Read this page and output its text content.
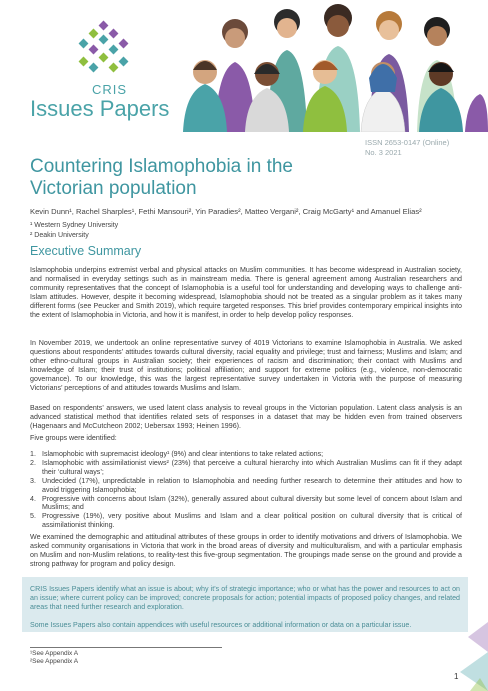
CRIS
Issues Papers
ISSN 2653-0147 (Online)
No. 3 2021
Countering Islamophobia in the Victorian population
Kevin Dunn¹, Rachel Sharples¹, Fethi Mansouri², Yin Paradies², Matteo Vergani², Craig McGarty¹ and Amanuel Elias²
¹ Western Sydney University
² Deakin University
Executive Summary

Islamophobia underpins extremist verbal and physical attacks on Muslim communities. It has become widespread in Australian society, and normalised in everyday settings such as in mainstream media. There is general agreement among Australian researchers and community representatives that the concept of Islamophobia is a useful tool for understanding and developing ways to challenge anti-Islam attitudes. However, despite it becoming widespread, Islamophobia should not be treated as a singular problem as it takes many different forms (see Peucker and Smith 2019), which require targeted responses. This brief provides contemporary empirical insights into the extent of Islamophobia in Victoria, and how it is manifest, in order to help develop policy responses.

In November 2019, we undertook an online representative survey of 4019 Victorians to examine Islamophobia in Australia. We asked questions about respondents’ attitudes towards cultural diversity, racial equality and privilege; trust and fairness; Muslims and Islam; and other ethno-cultural groups in Australian society; their experiences of racism and discrimination; their contact with Muslims and knowledge of Islam; their trust of institutions; political affiliation; and support for extreme politics (e.g., violence, non-democratic governance). To our knowledge, this was the largest representative survey undertaken in Victoria with the purpose of measuring Victorians’ perceptions of and attitudes towards Muslims and Islam.

Based on respondents’ answers, we used latent class analysis to reveal groups in the Victorian population. Latent class analysis is an advanced statistical method that identifies related sets of responses in a dataset that may be hidden even from trained observers (Hagenaars and McCutcheon 2002; Uebersax 1993; Heinen 1996).

Five groups were identified:

1. Islamophobic with supremacist ideology¹ (9%) and clear intentions to take related actions;
2. Islamophobic with assimilationist views² (23%) that perceive a cultural hierarchy into which Australian Muslims can fit if they adapt their ‘cultural ways’;
3. Undecided (17%), unpredictable in relation to Islamophobia and needing further research to determine their attitudes and how to avoid triggering Islamophobia;
4. Progressive with concerns about Islam (32%), generally assured about cultural diversity but some level of concern about Islam and Muslims; and
5. Progressive (19%), very positive about Muslims and Islam and a clear political position on cultural diversity that is critical of assimilationist thinking.

We examined the demographic and attitudinal attributes of these groups in order to identify motivations and drivers of Islamophobia. We asked community organisations in Victoria that work in the broad areas of diversity and multiculturalism, and with a particular emphasis on Muslim and non-Muslim relations, to reality-test this five-group segmentation. The groupings made sense on the ground and provide a strong pathway for program and policy design.

CRIS Issues Papers identify what an issue is about; why it’s of strategic importance; who or what has the power and resources to act on an issue; where current policy can be improved; concrete proposals for action; potential impacts of proposed policy changes, and related areas that need further research and exploration.

Some Issues Papers also contain appendices with useful resources or additional information or data on a particular issue.

¹See Appendix A
²See Appendix A
1
